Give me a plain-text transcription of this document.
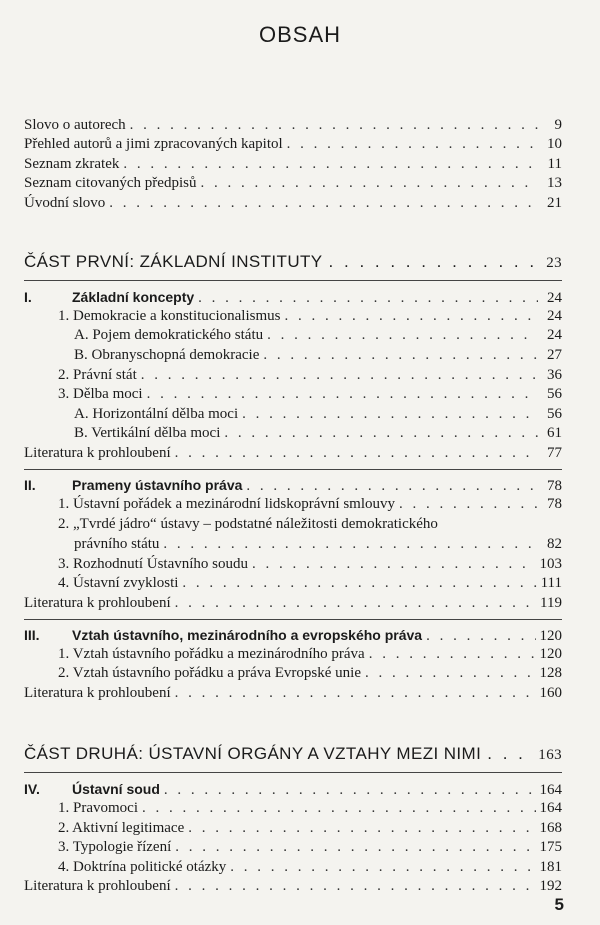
OBSAH
Slovo o autorech . . .	9
Přehled autorů a jimi zpracovaných kapitol . . .	10
Seznam zkratek . . .	11
Seznam citovaných předpisů . . .	13
Úvodní slovo . . .	21
ČÁST PRVNÍ: ZÁKLADNÍ INSTITUTY . . .	23
I.	Základní koncepty . . .	24
1. Demokracie a konstitucionalismus . . .	24
A. Pojem demokratického státu . . .	24
B. Obranyschopná demokracie . . .	27
2. Právní stát . . .	36
3. Dělba moci . . .	56
A. Horizontální dělba moci . . .	56
B. Vertikální dělba moci . . .	61
Literatura k prohloubení . . .	77
II.	Prameny ústavního práva . . .	78
1. Ústavní pořádek a mezinárodní lidskoprávní smlouvy . . .	78
2. „Tvrdé jádro“ ústavy – podstatné náležitosti demokratického
právního státu . . .	82
3. Rozhodnutí Ústavního soudu . . .	103
4. Ústavní zvyklosti . . .	111
Literatura k prohloubení . . .	119
III. Vztah ústavního, mezinárodního a evropského práva . . .	120
1. Vztah ústavního pořádku a mezinárodního práva . . .	120
2. Vztah ústavního pořádku a práva Evropské unie . . .	128
Literatura k prohloubení . . .	160
ČÁST DRUHÁ: ÚSTAVNÍ ORGÁNY A VZTAHY MEZI NIMI . . .	163
IV. Ústavní soud . . .	164
1. Pravomoci . . .	164
2. Aktivní legitimace . . .	168
3. Typologie řízení . . .	175
4. Doktrína politické otázky . . .	181
Literatura k prohloubení . . .	192
5
